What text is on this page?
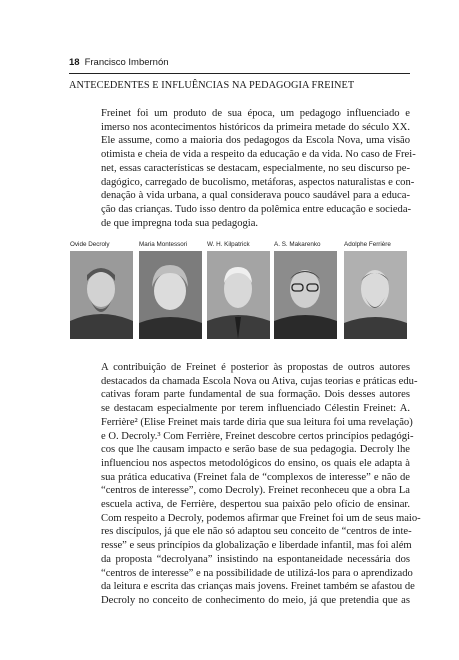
18 Francisco Imbernón
ANTECEDENTES E INFLUÊNCIAS NA PEDAGOGIA FREINET
Freinet foi um produto de sua época, um pedagogo influenciado e
imerso nos acontecimentos históricos da primeira metade do século XX.
Ele assume, como a maioria dos pedagogos da Escola Nova, uma visão
otimista e cheia de vida a respeito da educação e da vida. No caso de Frei-
net, essas características se destacam, especialmente, no seu discurso pe-
dagógico, carregado de bucolismo, metáforas, aspectos naturalistas e con-
denação à vida urbana, a qual considerava pouco saudável para a educa-
ção das crianças. Tudo isso dentro da polêmica entre educação e socieda-
de que impregna toda sua pedagogia.
Ovide Decroly	Maria Montessori	W. H. Kilpatrick	A. S. Makarenko	Adolphe Ferrière
A contribuição de Freinet é posterior às propostas de outros autores
destacados da chamada Escola Nova ou Ativa, cujas teorias e práticas edu-
cativas foram parte fundamental de sua formação. Dois desses autores
se destacam especialmente por terem influenciado Célestin Freinet: A.
Ferrière² (Elise Freinet mais tarde diria que sua leitura foi uma revelação)
e O. Decroly.³ Com Ferrière, Freinet descobre certos princípios pedagógi-
cos que lhe causam impacto e serão base de sua pedagogia. Decroly lhe
influenciou nos aspectos metodológicos do ensino, os quais ele adapta à
sua prática educativa (Freinet fala de “complexos de interesse” e não de
“centros de interesse”, como Decroly). Freinet reconheceu que a obra La
escuela activa, de Ferrière, despertou sua paixão pelo ofício de ensinar.
Com respeito a Decroly, podemos afirmar que Freinet foi um de seus maio-
res discípulos, já que ele não só adaptou seu conceito de “centros de inte-
resse” e seus princípios da globalização e liberdade infantil, mas foi além
da proposta “decrolyana” insistindo na espontaneidade necessária dos
“centros de interesse” e na possibilidade de utilizá-los para o aprendizado
da leitura e escrita das crianças mais jovens. Freinet também se afastou de
Decroly no conceito de conhecimento do meio, já que pretendia que as
